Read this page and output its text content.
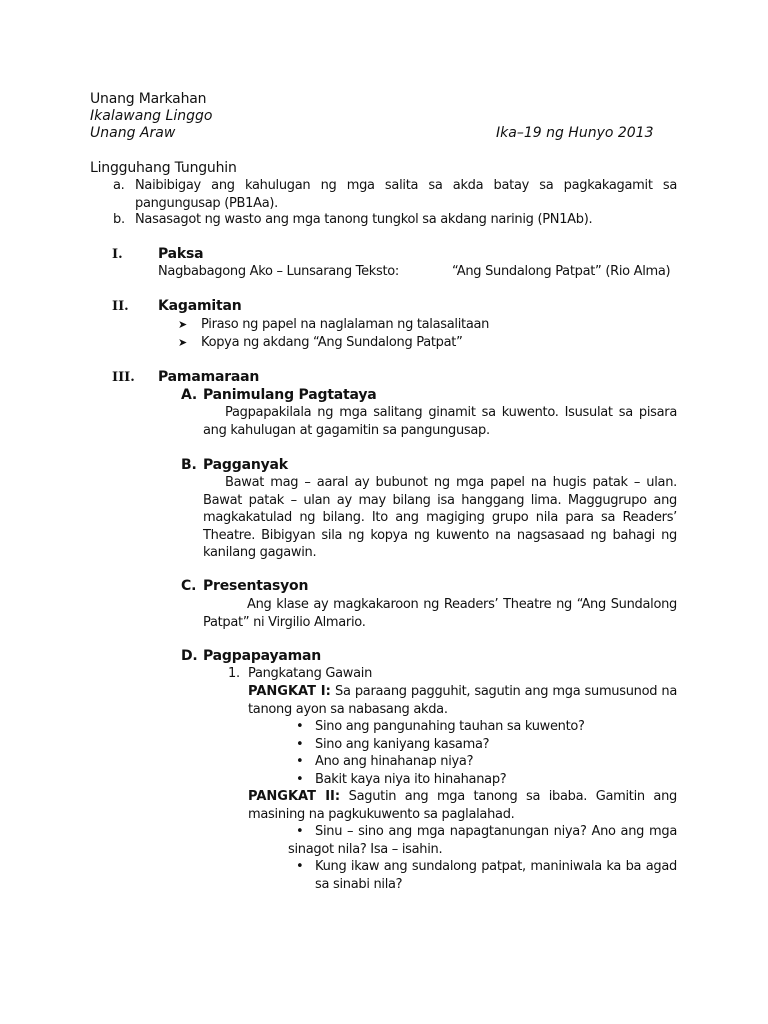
Unang Markahan
Ikalawang Linggo
Unang Araw	Ika–19 ng Hunyo 2013
Lingguhang Tunguhin
a. Naibibigay ang kahulugan ng mga salita sa akda batay sa pagkakagamit sa pangungusap (PB1Aa).
b. Nasasagot ng wasto ang mga tanong tungkol sa akdang narinig (PN1Ab).
I.	Paksa
Nagbabagong Ako – Lunsarang Teksto:	“Ang Sundalong Patpat” (Rio Alma)
II. Kagamitan
➤ Piraso ng papel na naglalaman ng talasalitaan
➤ Kopya ng akdang “Ang Sundalong Patpat”
III. Pamamaraan
A. Panimulang Pagtataya
Pagpapakilala ng mga salitang ginamit sa kuwento. Isusulat sa pisara ang kahulugan at gagamitin sa pangungusap.
B. Pagganyak
Bawat mag – aaral ay bubunot ng mga papel na hugis patak – ulan. Bawat patak – ulan ay may bilang isa hanggang lima. Maggugrupo ang magkakatulad ng bilang. Ito ang magiging grupo nila para sa Readers’ Theatre. Bibigyan sila ng kopya ng kuwento na nagsasaad ng bahagi ng kanilang gagawin.
C. Presentasyon
Ang klase ay magkakaroon ng Readers’ Theatre ng “Ang Sundalong Patpat” ni Virgilio Almario.
D. Pagpapayaman
1. Pangkatang Gawain
PANGKAT I: Sa paraang pagguhit, sagutin ang mga sumusunod na tanong ayon sa nabasang akda.
• Sino ang pangunahing tauhan sa kuwento?
• Sino ang kaniyang kasama?
• Ano ang hinahanap niya?
• Bakit kaya niya ito hinahanap?
PANGKAT II: Sagutin ang mga tanong sa ibaba. Gamitin ang masining na pagkukuwento sa paglalahad.
• Sinu – sino ang mga napagtanungan niya? Ano ang mga sinagot nila? Isa – isahin.
• Kung ikaw ang sundalong patpat, maniniwala ka ba agad sa sinabi nila?
